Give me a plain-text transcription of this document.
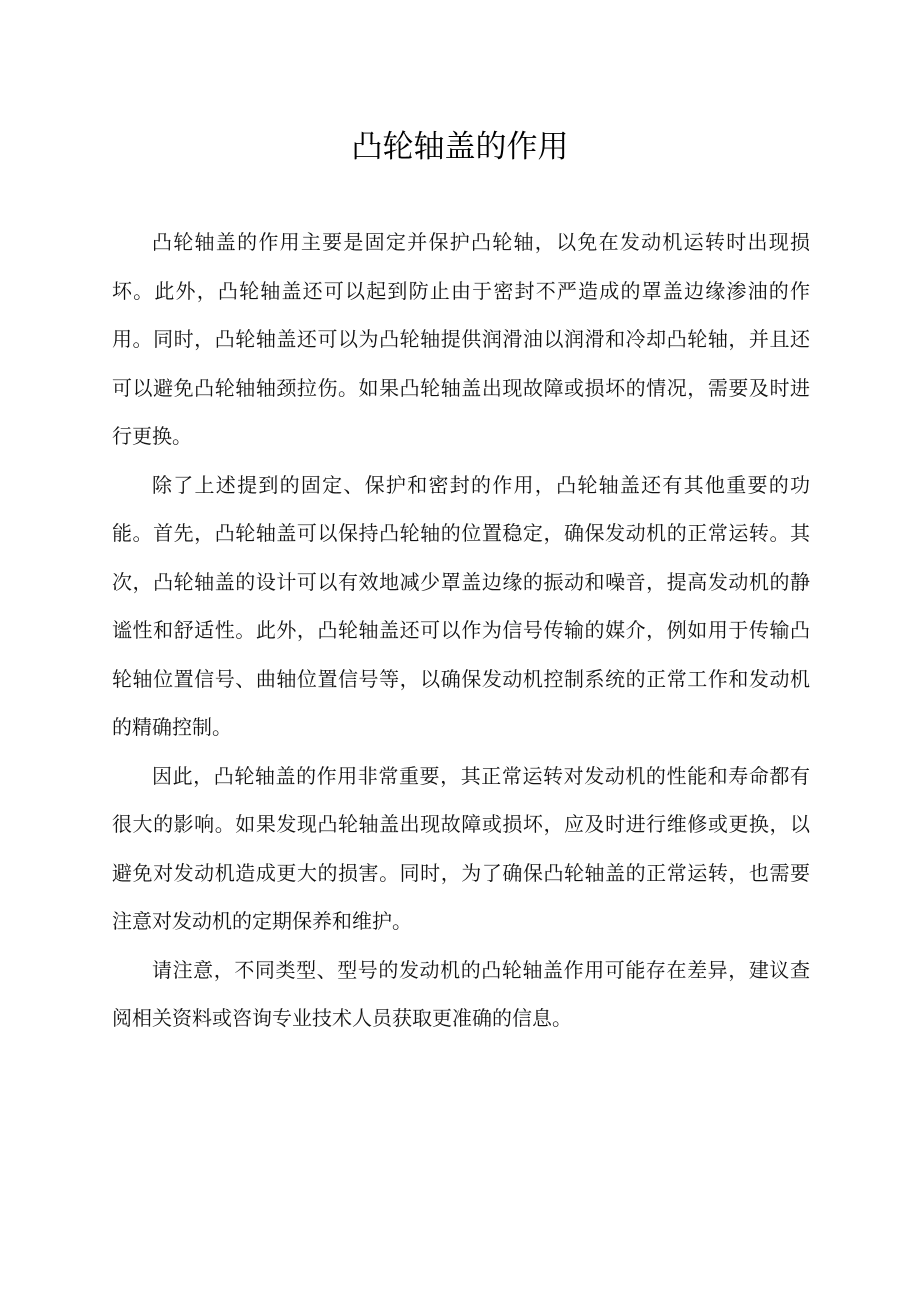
凸轮轴盖的作用

凸轮轴盖的作用主要是固定并保护凸轮轴，以免在发动机运转时出现损坏。此外，凸轮轴盖还可以起到防止由于密封不严造成的罩盖边缘渗油的作用。同时，凸轮轴盖还可以为凸轮轴提供润滑油以润滑和冷却凸轮轴，并且还可以避免凸轮轴轴颈拉伤。如果凸轮轴盖出现故障或损坏的情况，需要及时进行更换。

除了上述提到的固定、保护和密封的作用，凸轮轴盖还有其他重要的功能。首先，凸轮轴盖可以保持凸轮轴的位置稳定，确保发动机的正常运转。其次，凸轮轴盖的设计可以有效地减少罩盖边缘的振动和噪音，提高发动机的静谧性和舒适性。此外，凸轮轴盖还可以作为信号传输的媒介，例如用于传输凸轮轴位置信号、曲轴位置信号等，以确保发动机控制系统的正常工作和发动机的精确控制。

因此，凸轮轴盖的作用非常重要，其正常运转对发动机的性能和寿命都有很大的影响。如果发现凸轮轴盖出现故障或损坏，应及时进行维修或更换，以避免对发动机造成更大的损害。同时，为了确保凸轮轴盖的正常运转，也需要注意对发动机的定期保养和维护。

请注意，不同类型、型号的发动机的凸轮轴盖作用可能存在差异，建议查阅相关资料或咨询专业技术人员获取更准确的信息。
